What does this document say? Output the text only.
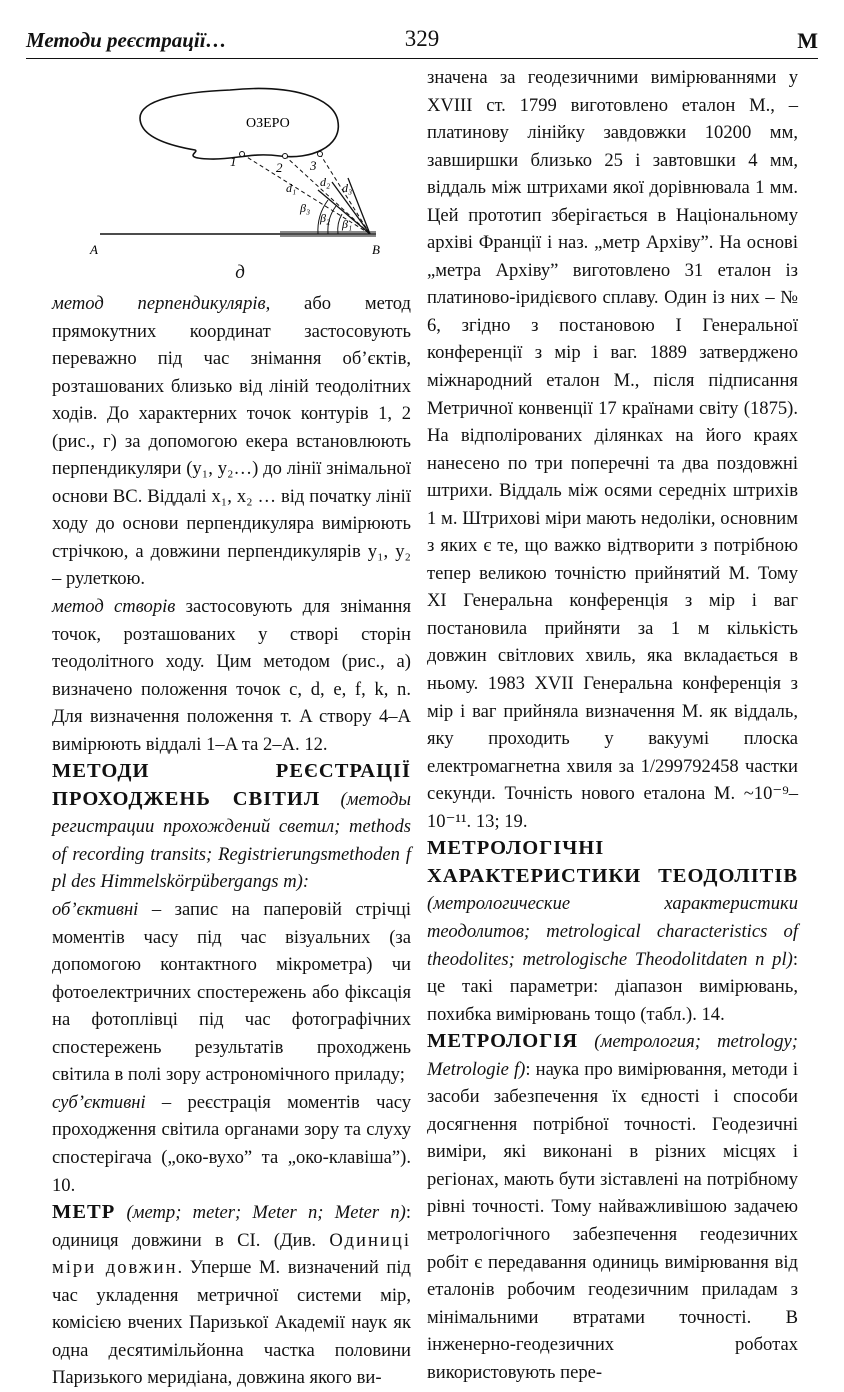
Методи реєстрації…	329	М
ОЗЕРО
1	2 3
d₁ d₂ d₃
β₁
β₂
β₃
A	B
д

метод перпендикулярів, або метод прямокутних координат застосовують переважно під час знімання об’єктів, розташованих близько від ліній теодолітних ходів. До характерних точок контурів 1, 2 (рис., г) за допомогою екера встановлюють перпендикуляри (y₁, y₂…) до лінії знімальної основи BC. Віддалі x₁, x₂ … від початку лінії ходу до основи перпендикуляра вимірюють стрічкою, а довжини перпендикулярів y₁, y₂ – рулеткою.

метод створів застосовують для знімання точок, розташованих у створі сторін теодолітного ходу. Цим методом (рис., а) визначено положення точок c, d, e, f, k, n. Для визначення положення т. A створу 4–A вимірюють віддалі 1–A та 2–A. 12.

МЕТОДИ РЕЄСТРАЦІЇ ПРОХОДЖЕНЬ СВІТИЛ (методы регистрации прохождений светил; methods of recording transits; Registrierungsmethoden f pl des Himmelskörpübergangs m):

об’єктивні – запис на паперовій стрічці моментів часу під час візуальних (за допомогою контактного мікрометра) чи фотоелектричних спостережень або фіксація на фотоплівці під час фотографічних спостережень результатів проходжень світила в полі зору астрономічного приладу;

суб’єктивні – реєстрація моментів часу проходження світила органами зору та слуху спостерігача („око-вухо” та „око-клавіша”). 10.

МЕТР (метр; meter; Meter n; Meter n): одиниця довжини в СІ. (Див. Одиниці міри довжин. Уперше М. визначений під час укладення метричної системи мір, комісією вчених Паризької Академії наук як одна десятимільйонна частка половини Паризького меридіана, довжина якого ви-

значена за геодезичними вимірюваннями у XVIII ст. 1799 виготовлено еталон М., – платинову лінійку завдовжки 10200 мм, завширшки близько 25 і завтовшки 4 мм, віддаль між штрихами якої дорівнювала 1 мм. Цей прототип зберігається в Національному архіві Франції і наз. „метр Архіву”. На основі „метра Архіву” виготовлено 31 еталон із платиново-іридієвого сплаву. Один із них – № 6, згідно з постановою І Генеральної конференції з мір і ваг. 1889 затверджено міжнародний еталон М., після підписання Метричної конвенції 17 країнами світу (1875). На відполірованих ділянках на його краях нанесено по три поперечні та два поздовжні штрихи. Віддаль між осями середніх штрихів 1 м. Штрихові міри мають недоліки, основним з яких є те, що важко відтворити з потрібною тепер великою точністю прийнятий М. Тому XI Генеральна конференція з мір і ваг постановила прийняти за 1 м кількість довжин світлових хвиль, яка вкладається в ньому. 1983 XVII Генеральна конференція з мір і ваг прийняла визначення М. як віддаль, яку проходить у вакуумі плоска електромагнетна хвиля за 1/299792458 частки секунди. Точність нового еталона М. ~10⁻⁹–10⁻¹¹. 13; 19.

МЕТРОЛОГІЧНІ ХАРАКТЕРИСТИКИ ТЕОДОЛІТІВ (метрологические характеристики теодолитов; metrological characteristics of theodolites; metrologische Theodolitdaten n pl): це такі параметри: діапазон вимірювань, похибка вимірювань тощо (табл.). 14.

МЕТРОЛОГІЯ (метрология; metrology; Metrologie f): наука про вимірювання, методи і засоби забезпечення їх єдності і способи досягнення потрібної точності. Геодезичні виміри, які виконані в різних місцях і регіонах, мають бути зіставлені на потрібному рівні точності. Тому найважливішою задачею метрологічного забезпечення геодезичних робіт є передавання одиниць вимірювання від еталонів робочим геодезичним приладам з мінімальними втратами точності. В інженерно-геодезичних роботах використовують пере-
